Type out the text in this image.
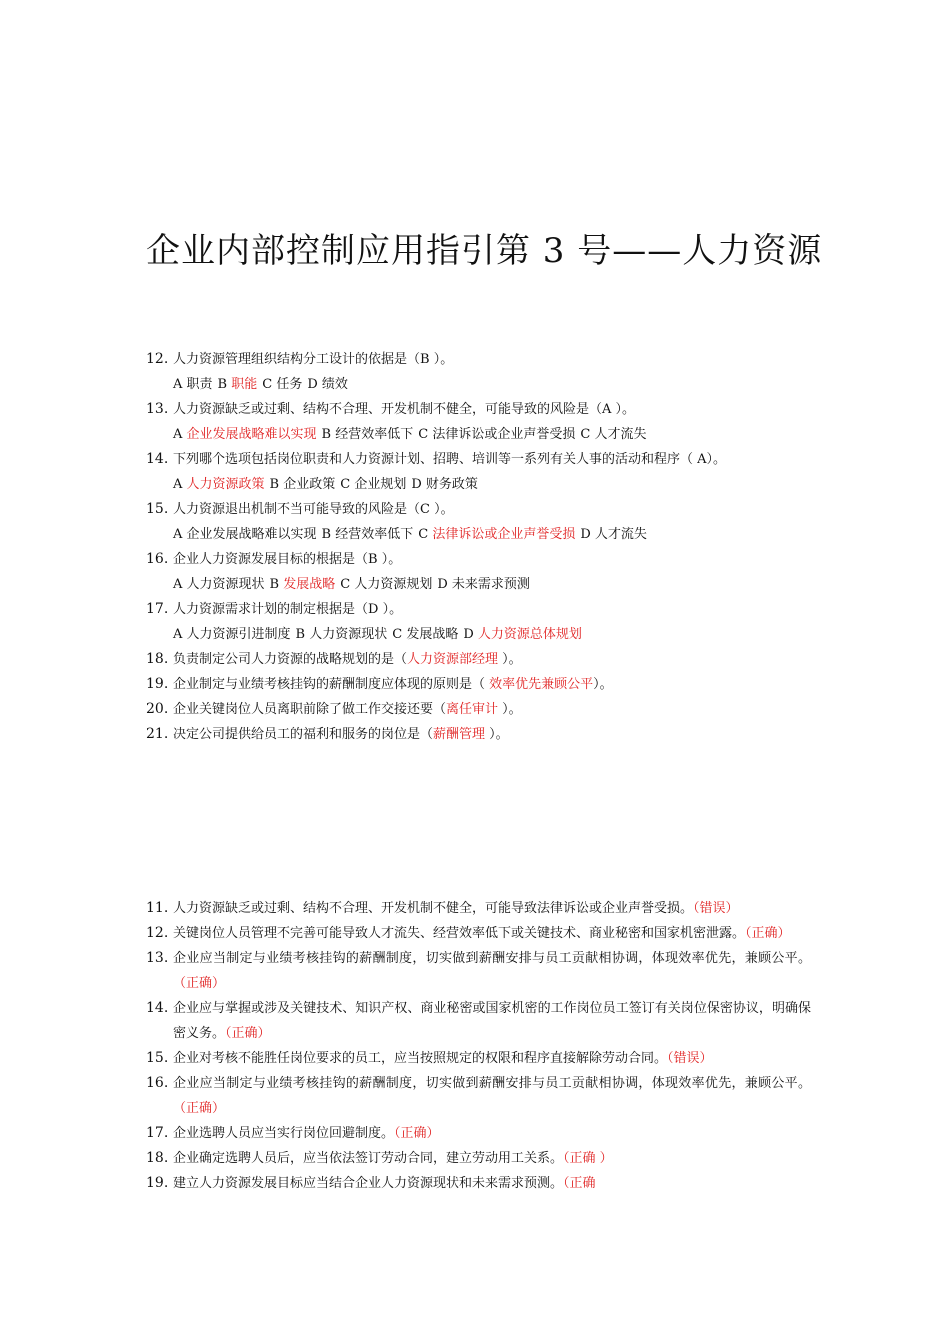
企业内部控制应用指引第 3 号——人力资源
12. 人力资源管理组织结构分工设计的依据是（B ）。
A 职责 B 职能 C 任务 D 绩效
13. 人力资源缺乏或过剩、结构不合理、开发机制不健全，可能导致的风险是（A ）。
A 企业发展战略难以实现 B 经营效率低下 C 法律诉讼或企业声誉受损 C 人才流失
14. 下列哪个选项包括岗位职责和人力资源计划、招聘、培训等一系列有关人事的活动和程序（ A）。
A 人力资源政策 B 企业政策 C 企业规划 D 财务政策
15. 人力资源退出机制不当可能导致的风险是（C ）。
A 企业发展战略难以实现 B 经营效率低下 C 法律诉讼或企业声誉受损 D 人才流失
16. 企业人力资源发展目标的根据是（B ）。
A 人力资源现状 B 发展战略 C 人力资源规划 D 未来需求预测
17. 人力资源需求计划的制定根据是（D ）。
A 人力资源引进制度 B 人力资源现状 C 发展战略 D 人力资源总体规划
18. 负责制定公司人力资源的战略规划的是（人力资源部经理 ）。
19. 企业制定与业绩考核挂钩的薪酬制度应体现的原则是（ 效率优先兼顾公平）。
20. 企业关键岗位人员离职前除了做工作交接还要（离任审计 ）。
21. 决定公司提供给员工的福利和服务的岗位是（薪酬管理 ）。
11. 人力资源缺乏或过剩、结构不合理、开发机制不健全，可能导致法律诉讼或企业声誉受损。（错误）
12. 关键岗位人员管理不完善可能导致人才流失、经营效率低下或关键技术、商业秘密和国家机密泄露。（正确）
13. 企业应当制定与业绩考核挂钩的薪酬制度，切实做到薪酬安排与员工贡献相协调，体现效率优先，兼顾公平。（正确）
14. 企业应与掌握或涉及关键技术、知识产权、商业秘密或国家机密的工作岗位员工签订有关岗位保密协议，明确保密义务。（正确）
15. 企业对考核不能胜任岗位要求的员工，应当按照规定的权限和程序直接解除劳动合同。（错误）
16. 企业应当制定与业绩考核挂钩的薪酬制度，切实做到薪酬安排与员工贡献相协调，体现效率优先，兼顾公平。（正确）
17. 企业选聘人员应当实行岗位回避制度。（正确）
18. 企业确定选聘人员后，应当依法签订劳动合同，建立劳动用工关系。（正确 ）
19. 建立人力资源发展目标应当结合企业人力资源现状和未来需求预测。（正确
